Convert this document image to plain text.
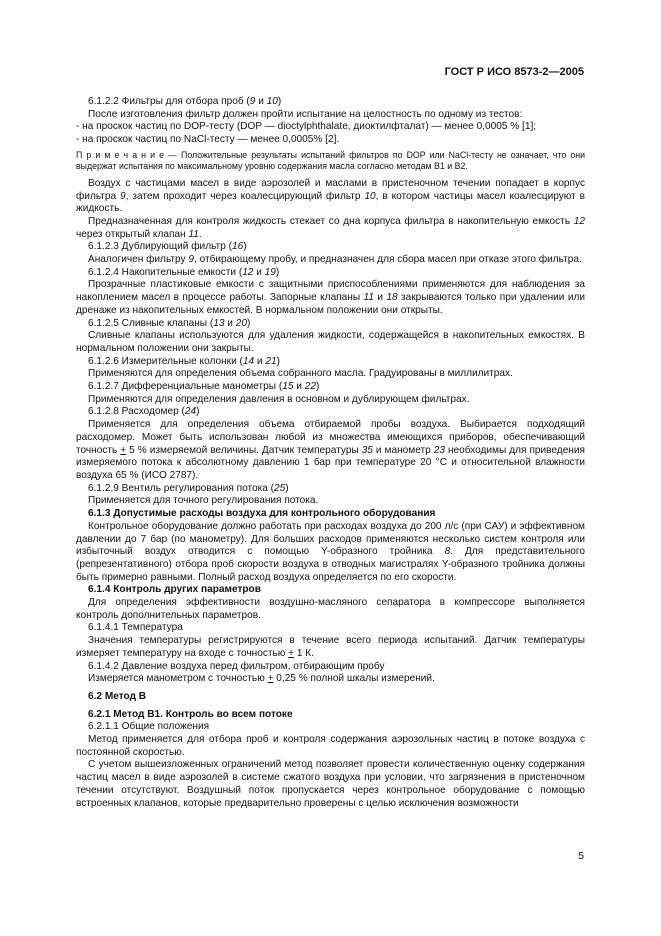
ГОСТ Р ИСО 8573-2—2005

6.1.2.2 Фильтры для отбора проб (9 и 10)

После изготовления фильтр должен пройти испытание на целостность по одному из тестов:

- на проскок частиц по DOP-тесту (DOP — dioctylphthalate, диоктилфталат) — менее 0,0005 % [1];

- на проскок частиц по NaCl-тесту — менее 0,0005% [2].

П р и м е ч а н и е — Положительные результаты испытаний фильтров по DOP или NaCl-тесту не означает, что они выдержат испытания по максимальному уровню содержания масла согласно методам B1 и B2.

Воздух с частицами масел в виде аэрозолей и маслами в пристеночном течении попадает в корпус фильтра 9, затем проходит через коалесцирующий фильтр 10, в котором частицы масел коалесцируют в жидкость.

Предназначенная для контроля жидкость стекает со дна корпуса фильтра в накопительную емкость 12 через открытый клапан 11.

6.1.2.3 Дублирующий фильтр (16)

Аналогичен фильтру 9, отбирающему пробу, и предназначен для сбора масел при отказе этого фильтра.

6.1.2.4 Накопительные емкости (12 и 19)

Прозрачные пластиковые емкости с защитными приспособлениями применяются для наблюдения за накоплением масел в процессе работы. Запорные клапаны 11 и 18 закрываются только при удалении или дренаже из накопительных емкостей. В нормальном положении они открыты.

6.1.2.5 Сливные клапаны (13 и 20)

Сливные клапаны используются для удаления жидкости, содержащейся в накопительных емкостях. В нормальном положении они закрыты.

6.1.2.6 Измерительные колонки (14 и 21)

Применяются для определения объема собранного масла. Градуированы в миллилитрах.

6.1.2.7 Дифференциальные манометры (15 и 22)

Применяются для определения давления в основном и дублирующем фильтрах.

6.1.2.8 Расходомер (24)

Применяется для определения объема отбираемой пробы воздуха. Выбирается подходящий расходомер. Может быть использован любой из множества имеющихся приборов, обеспечивающий точность + 5 % измеряемой величины. Датчик температуры 35 и манометр 23 необходимы для приведения измеряемого потока к абсолютному давлению 1 бар при температуре 20 °С и относительной влажности воздуха 65 % (ИСО 2787).

6.1.2.9 Вентиль регулирования потока (25)

Применяется для точного регулирования потока.

6.1.3 Допустимые расходы воздуха для контрольного оборудования

Контрольное оборудование должно работать при расходах воздуха до 200 л/с (при САУ) и эффективном давлении до 7 бар (по манометру). Для больших расходов применяются несколько систем контроля или избыточный воздух отводится с помощью Y-образного тройника 8. Для представительного (репрезентативного) отбора проб скорости воздуха в отводных магистралях Y-образного тройника должны быть примерно равными. Полный расход воздуха определяется по его скорости.

6.1.4 Контроль других параметров

Для определения эффективности воздушно-масляного сепаратора в компрессоре выполняется контроль дополнительных параметров.

6.1.4.1 Температура

Значения температуры регистрируются в течение всего периода испытаний. Датчик температуры измеряет температуру на входе с точностью + 1 К.

6.1.4.2 Давление воздуха перед фильтром, отбирающим пробу

Измеряется манометром с точностью + 0,25 % полной шкалы измерений.

6.2 Метод В

6.2.1 Метод В1. Контроль во всем потоке

6.2.1.1 Общие положения

Метод применяется для отбора проб и контроля содержания аэрозольных частиц в потоке воздуха с постоянной скоростью.

С учетом вышеизложенных ограничений метод позволяет провести количественную оценку содержания частиц масел в виде аэрозолей в системе сжатого воздуха при условии, что загрязнения в пристеночном течении отсутствуют. Воздушный поток пропускается через контрольное оборудование с помощью встроенных клапанов, которые предварительно проверены с целью исключения возможности

5
